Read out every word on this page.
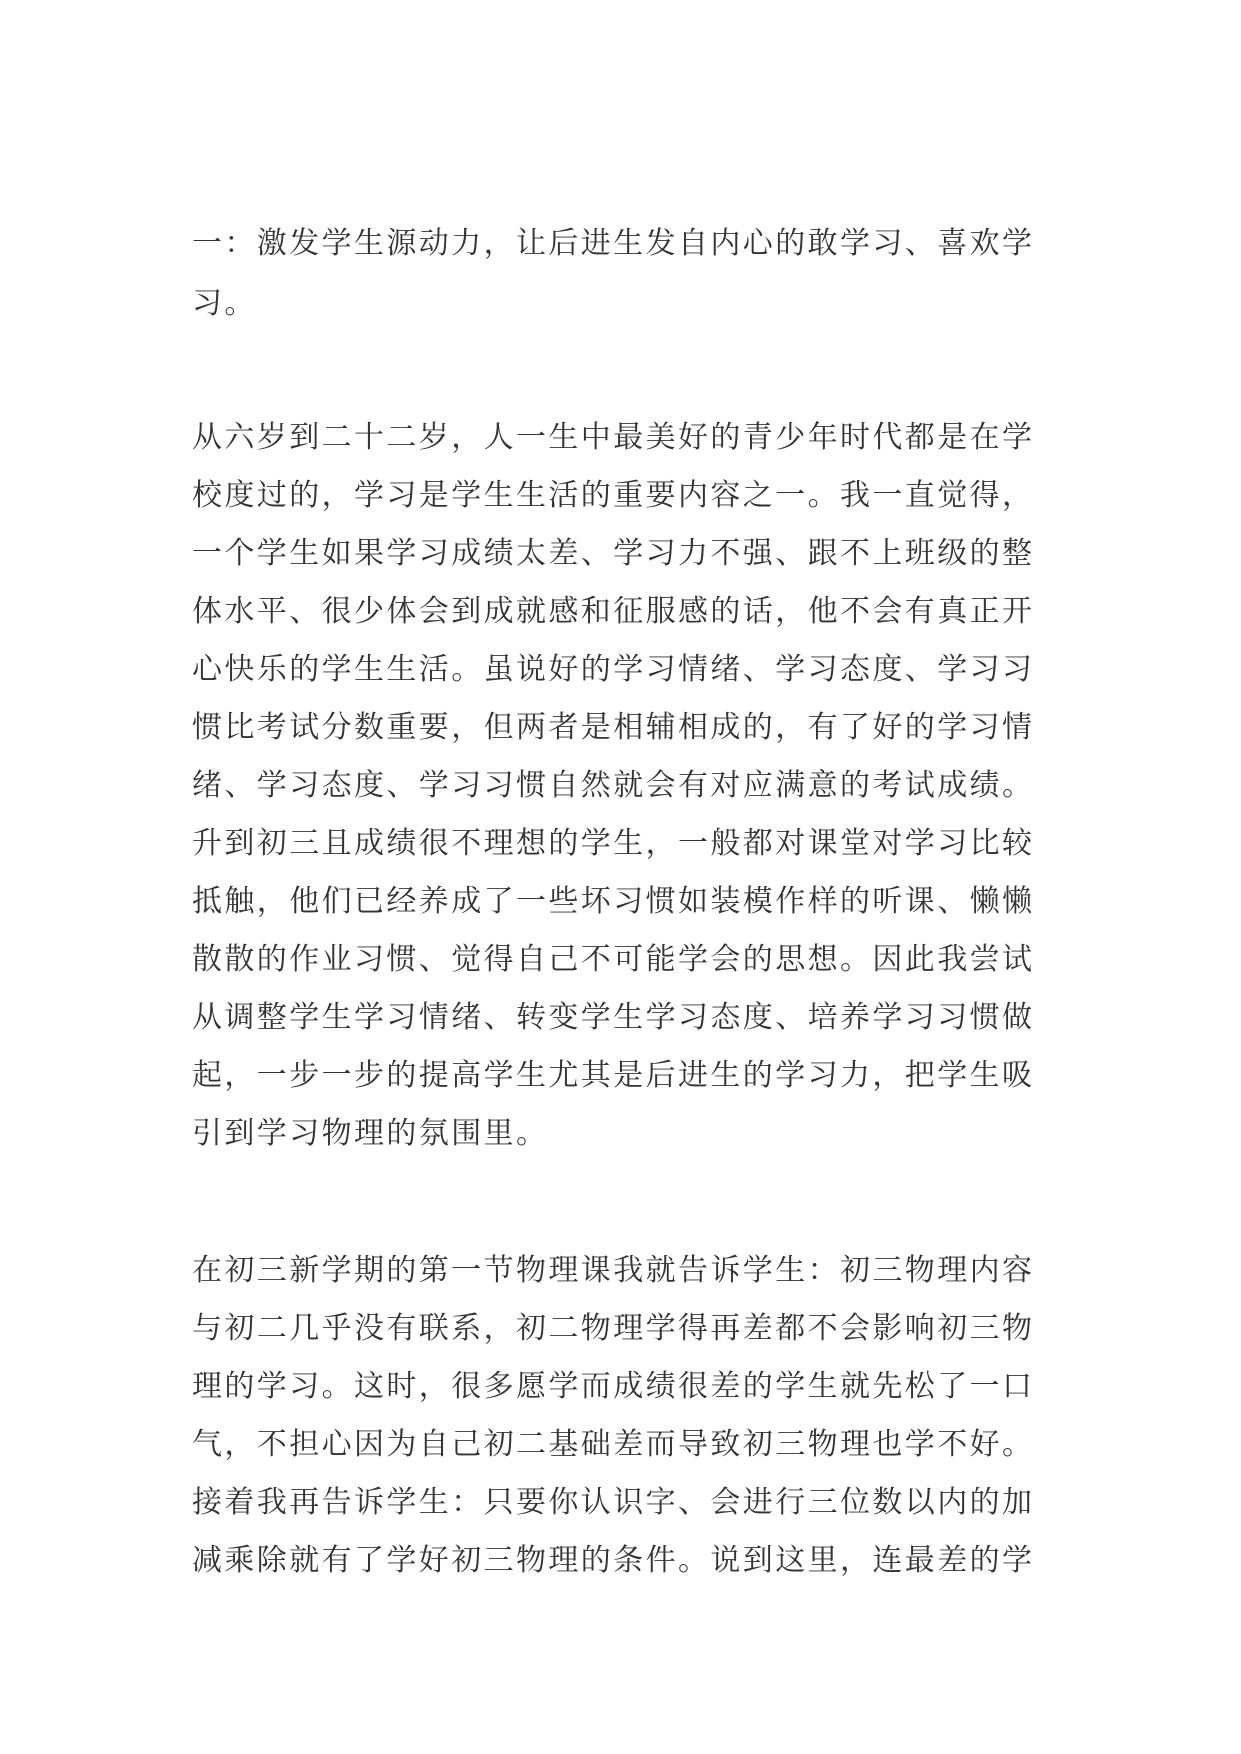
一：激发学生源动力，让后进生发自内心的敢学习、喜欢学
习。
从六岁到二十二岁，人一生中最美好的青少年时代都是在学
校度过的，学习是学生生活的重要内容之一。我一直觉得，
一个学生如果学习成绩太差、学习力不强、跟不上班级的整
体水平、很少体会到成就感和征服感的话，他不会有真正开
心快乐的学生生活。虽说好的学习情绪、学习态度、学习习
惯比考试分数重要，但两者是相辅相成的，有了好的学习情
绪、学习态度、学习习惯自然就会有对应满意的考试成绩。
升到初三且成绩很不理想的学生，一般都对课堂对学习比较
抵触，他们已经养成了一些坏习惯如装模作样的听课、懒懒
散散的作业习惯、觉得自己不可能学会的思想。因此我尝试
从调整学生学习情绪、转变学生学习态度、培养学习习惯做
起，一步一步的提高学生尤其是后进生的学习力，把学生吸
引到学习物理的氛围里。
在初三新学期的第一节物理课我就告诉学生：初三物理内容
与初二几乎没有联系，初二物理学得再差都不会影响初三物
理的学习。这时，很多愿学而成绩很差的学生就先松了一口
气，不担心因为自己初二基础差而导致初三物理也学不好。
接着我再告诉学生：只要你认识字、会进行三位数以内的加
减乘除就有了学好初三物理的条件。说到这里，连最差的学
